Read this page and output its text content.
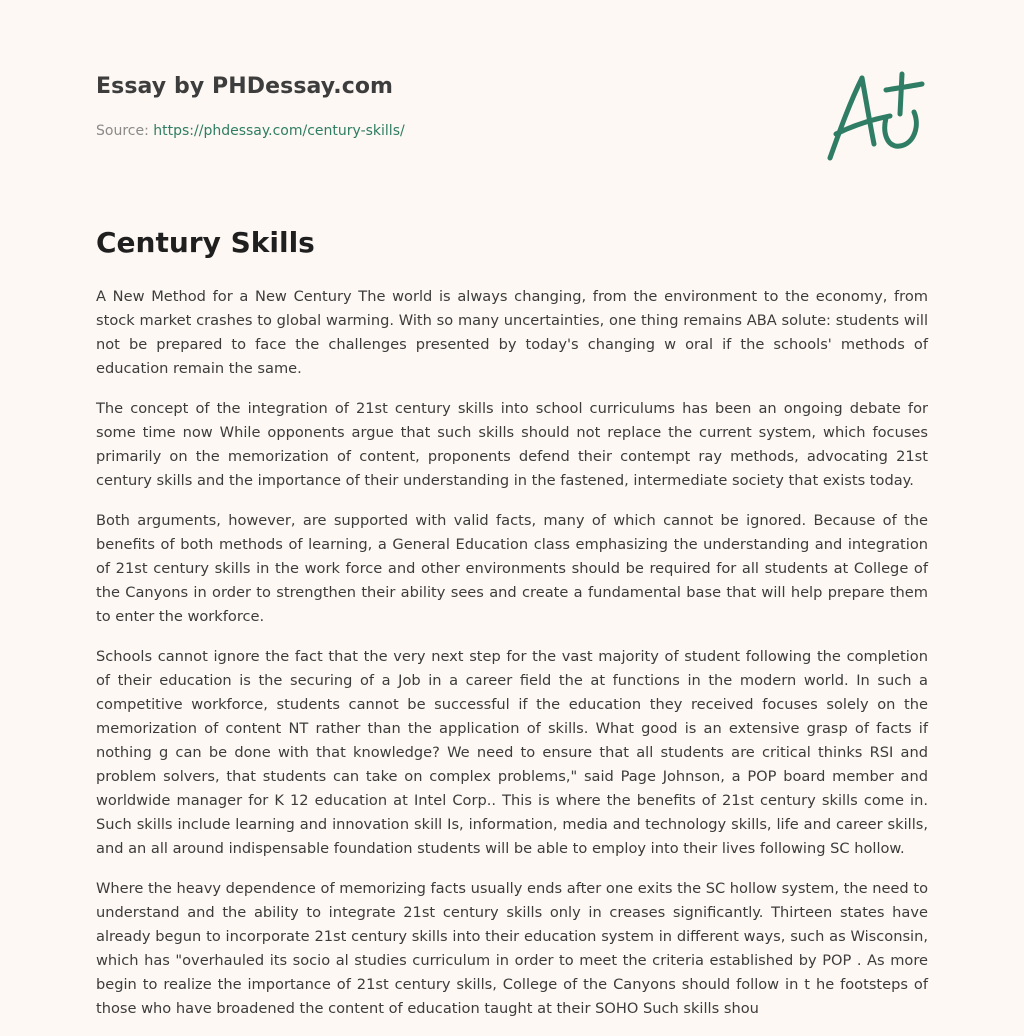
Essay by PHDessay.com
Source: https://phdessay.com/century-skills/
Century Skills

A New Method for a New Century The world is always changing, from the environment to the economy, from stock market crashes to global warming. With so many uncertainties, one thing remains ABA solute: students will not be prepared to face the challenges presented by today's changing w oral if the schools' methods of education remain the same.

The concept of the integration of 21st century skills into school curriculums has been an ongoing debate for some time now While opponents argue that such skills should not replace the current system, which focuses primarily on the memorization of content, proponents defend their contempt ray methods, advocating 21st century skills and the importance of their understanding in the fastened, intermediate society that exists today.

Both arguments, however, are supported with valid facts, many of which cannot be ignored. Because of the benefits of both methods of learning, a General Education class emphasizing the understanding and integration of 21st century skills in the work force and other environments should be required for all students at College of the Canyons in order to strengthen their ability sees and create a fundamental base that will help prepare them to enter the workforce.

Schools cannot ignore the fact that the very next step for the vast majority of student following the completion of their education is the securing of a Job in a career field the at functions in the modern world. In such a competitive workforce, students cannot be successful if the education they received focuses solely on the memorization of content NT rather than the application of skills. What good is an extensive grasp of facts if nothing g can be done with that knowledge? We need to ensure that all students are critical thinks RSI and problem solvers, that students can take on complex problems," said Page Johnson, a POP board member and worldwide manager for K 12 education at Intel Corp.. This is where the benefits of 21st century skills come in. Such skills include learning and innovation skill Is, information, media and technology skills, life and career skills, and an all around indispensable foundation students will be able to employ into their lives following SC hollow.

Where the heavy dependence of memorizing facts usually ends after one exits the SC hollow system, the need to understand and the ability to integrate 21st century skills only in creases significantly. Thirteen states have already begun to incorporate 21st century skills into their education system in different ways, such as Wisconsin, which has "overhauled its socio al studies curriculum in order to meet the criteria established by POP . As more begin to realize the importance of 21st century skills, College of the Canyons should follow in t he footsteps of those who have broadened the content of education taught at their SOHO Such skills shou
